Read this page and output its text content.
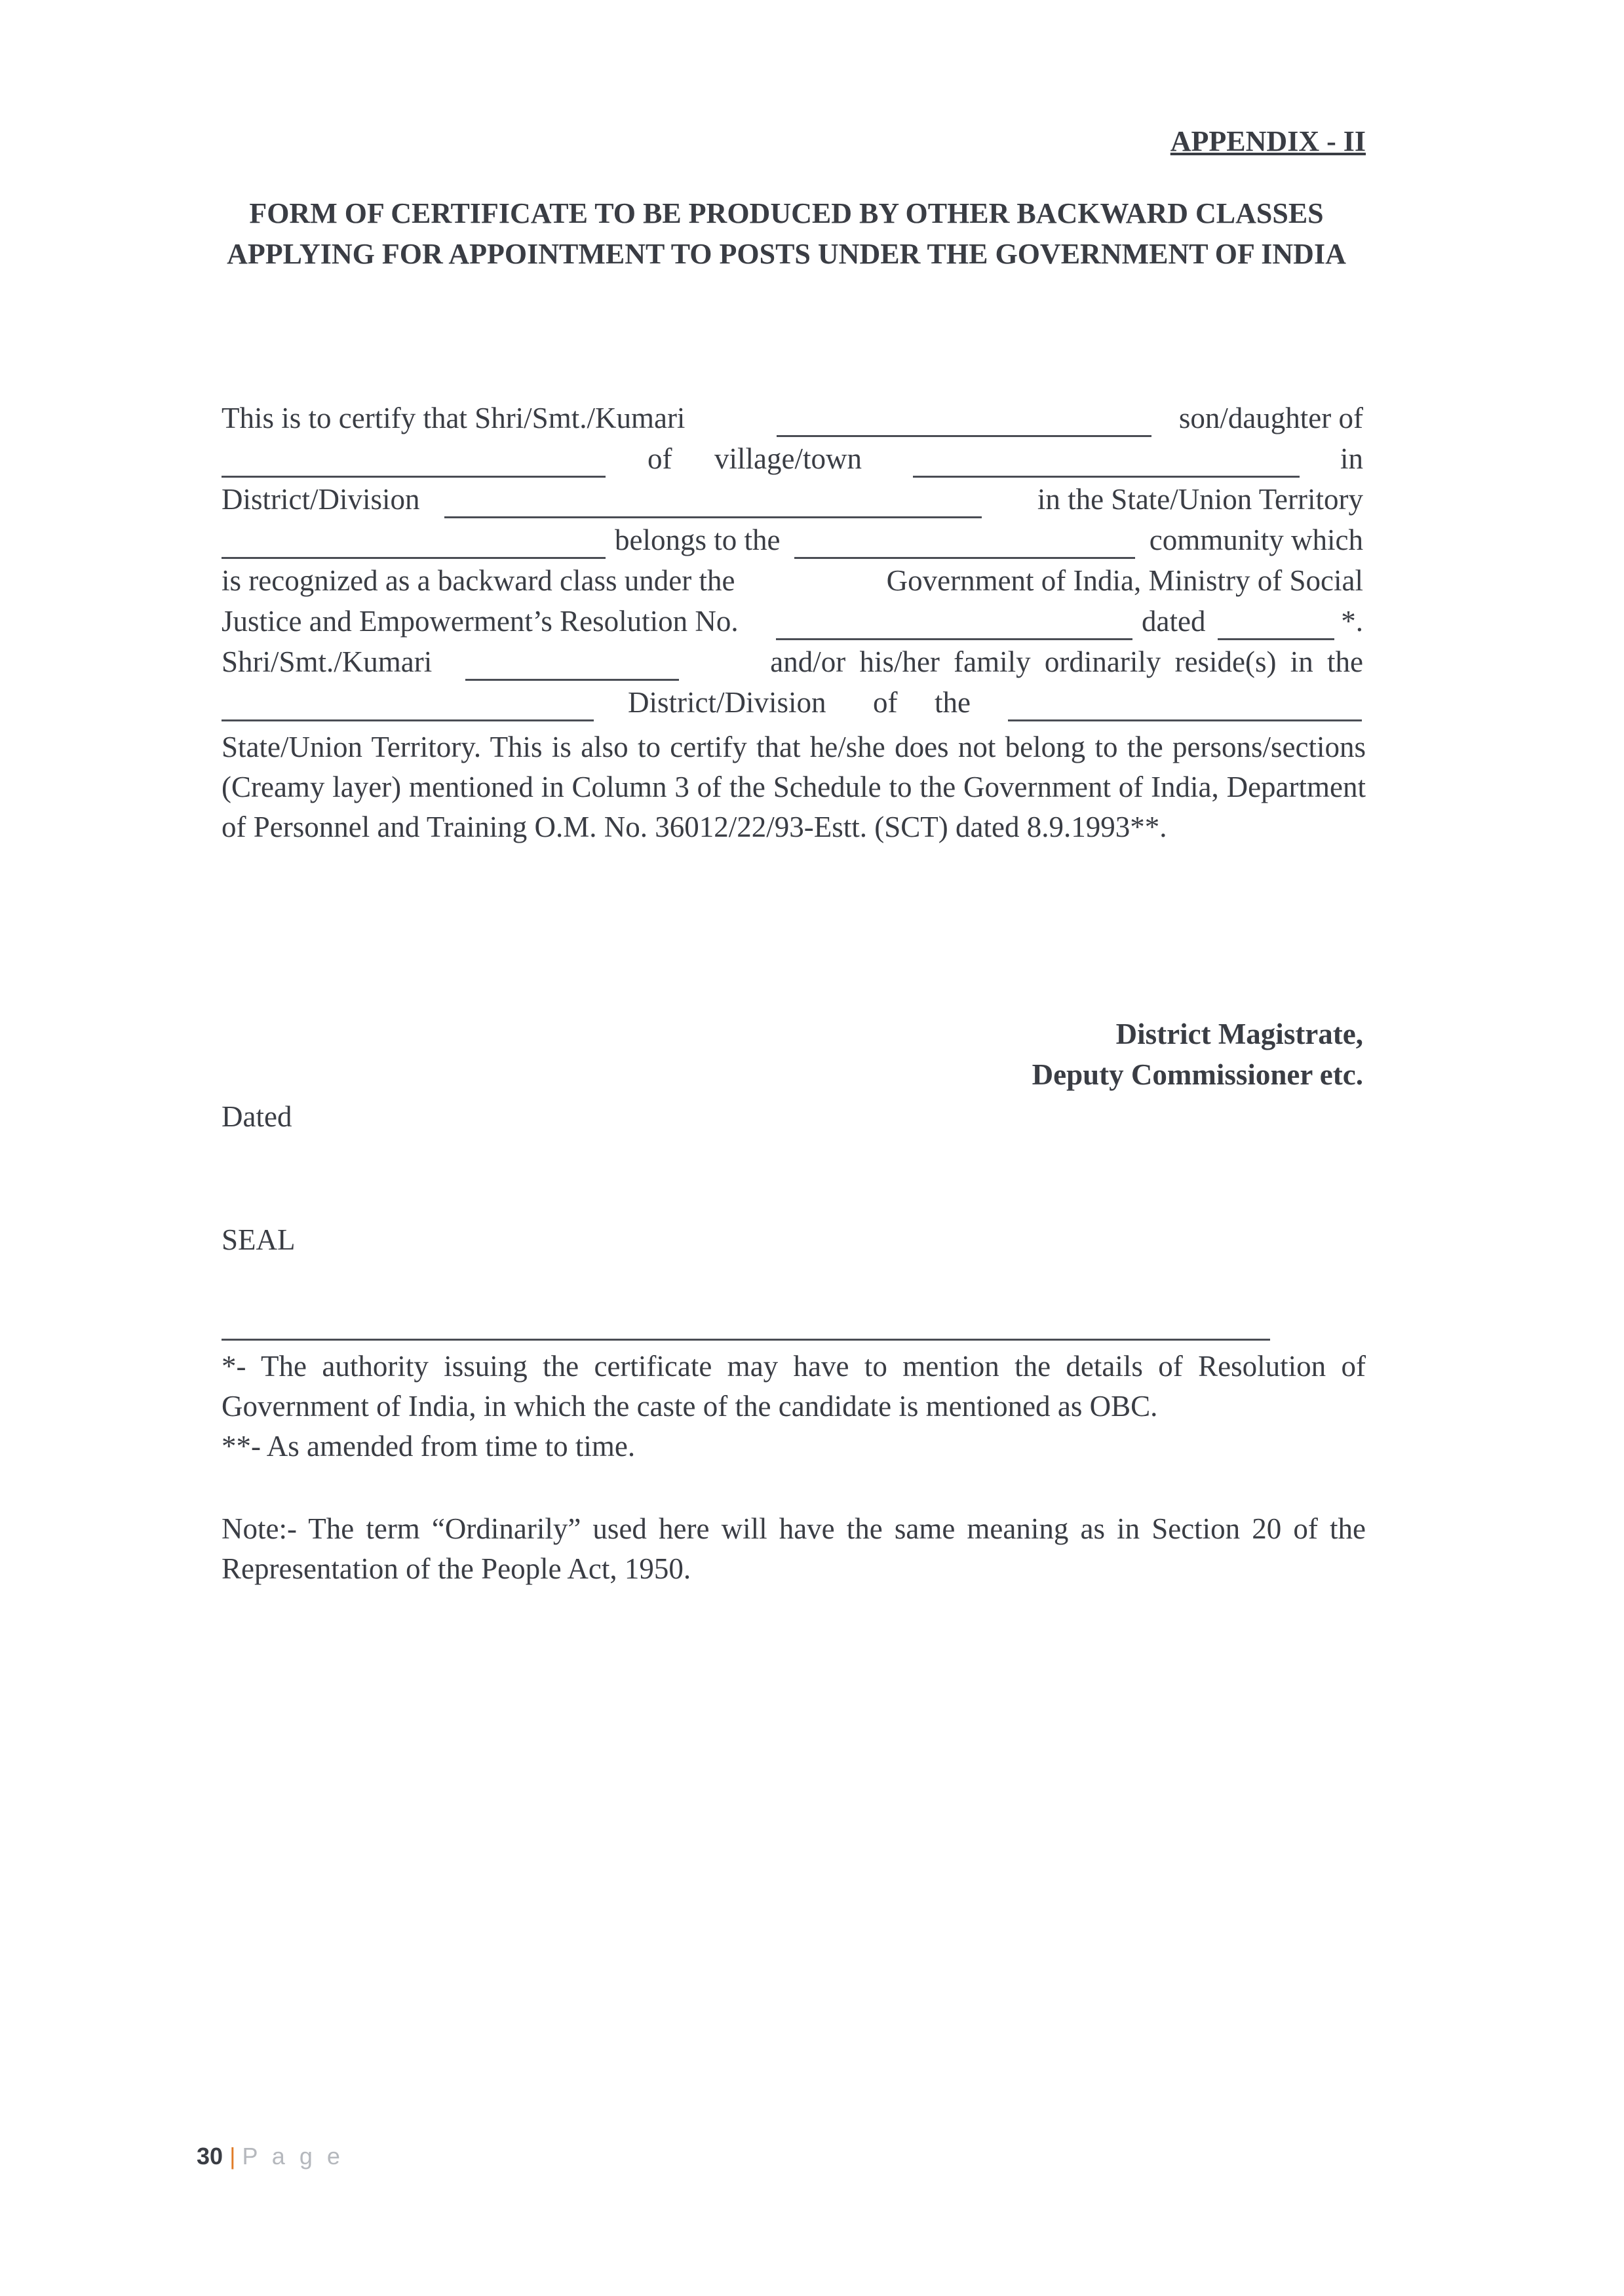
APPENDIX - II
FORM OF CERTIFICATE TO BE PRODUCED BY OTHER BACKWARD CLASSES APPLYING FOR APPOINTMENT TO POSTS UNDER THE GOVERNMENT OF INDIA
This is to certify that Shri/Smt./Kumari	son/daughter of
of village/town	in
District/Division	in the State/Union Territory
belongs to the	community which
is recognized as a backward class under the	Government of India, Ministry of Social
Justice and Empowerment’s Resolution No.	dated	*.
Shri/Smt./Kumari	and/or his/her family ordinarily reside(s) in the
District/Division of the
State/Union Territory. This is also to certify that he/she does not belong to the persons/sections (Creamy layer) mentioned in Column 3 of the Schedule to the Government of India, Department of Personnel and Training O.M. No. 36012/22/93-Estt. (SCT) dated 8.9.1993**.
District Magistrate,
Deputy Commissioner etc.
Dated
SEAL
*- The authority issuing the certificate may have to mention the details of Resolution of Government of India, in which the caste of the candidate is mentioned as OBC.
**- As amended from time to time.
Note:- The term “Ordinarily” used here will have the same meaning as in Section 20 of the Representation of the People Act, 1950.
30 | P a g e
